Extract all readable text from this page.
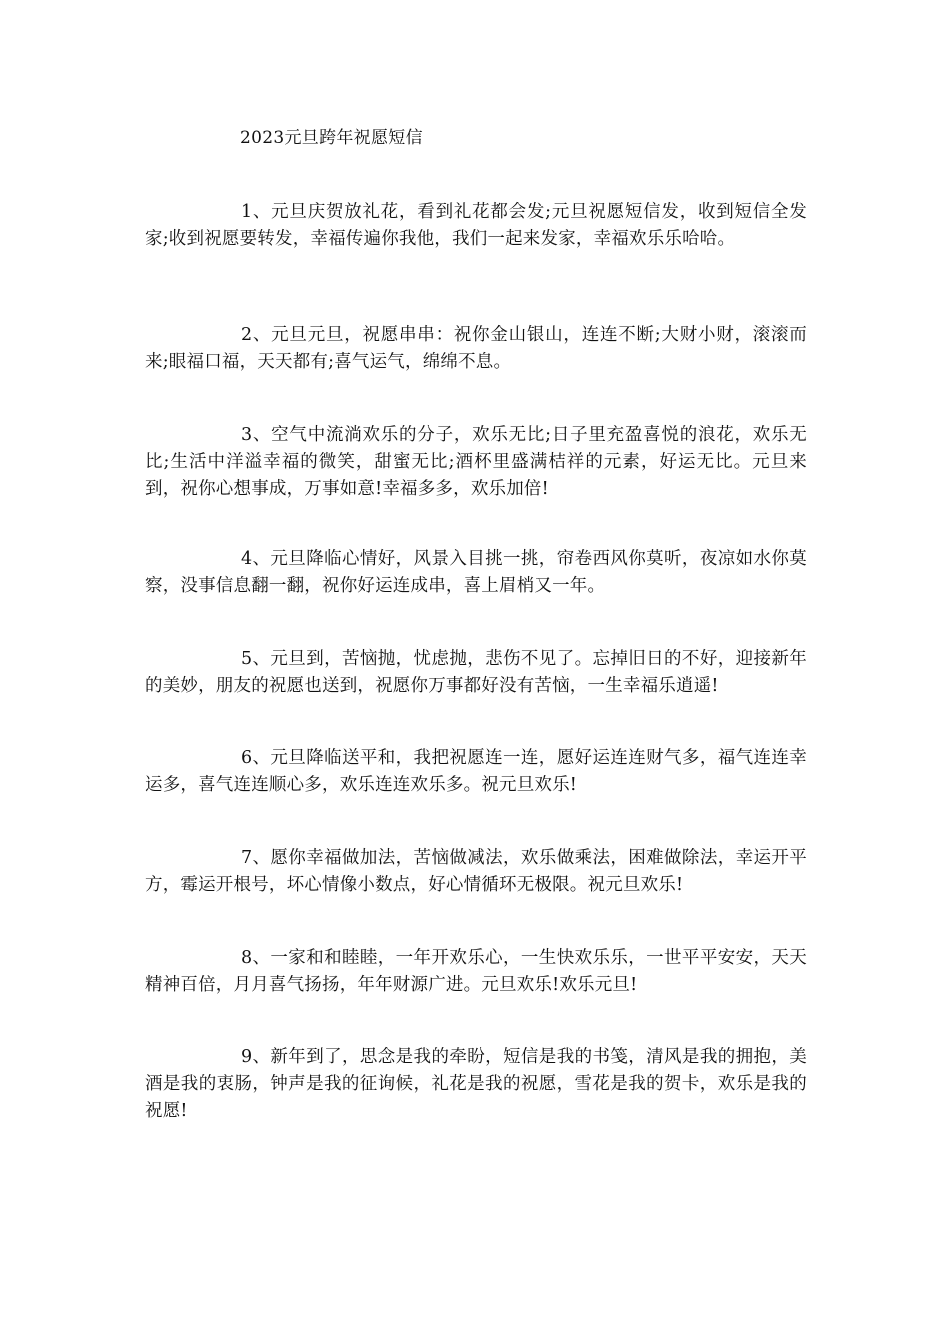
2023元旦跨年祝愿短信

1、元旦庆贺放礼花，看到礼花都会发;元旦祝愿短信发，收到短信全发家;收到祝愿要转发，幸福传遍你我他，我们一起来发家，幸福欢乐乐哈哈。

2、元旦元旦，祝愿串串：祝你金山银山，连连不断;大财小财，滚滚而来;眼福口福，天天都有;喜气运气，绵绵不息。

3、空气中流淌欢乐的分子，欢乐无比;日子里充盈喜悦的浪花，欢乐无比;生活中洋溢幸福的微笑，甜蜜无比;酒杯里盛满桔祥的元素，好运无比。元旦来到，祝你心想事成，万事如意!幸福多多，欢乐加倍!

4、元旦降临心情好，风景入目挑一挑，帘卷西风你莫听，夜凉如水你莫察，没事信息翻一翻，祝你好运连成串，喜上眉梢又一年。

5、元旦到，苦恼抛，忧虑抛，悲伤不见了。忘掉旧日的不好，迎接新年的美妙，朋友的祝愿也送到，祝愿你万事都好没有苦恼，一生幸福乐逍遥!

6、元旦降临送平和，我把祝愿连一连，愿好运连连财气多，福气连连幸运多，喜气连连顺心多，欢乐连连欢乐多。祝元旦欢乐!

7、愿你幸福做加法，苦恼做减法，欢乐做乘法，困难做除法，幸运开平方，霉运开根号，坏心情像小数点，好心情循环无极限。祝元旦欢乐!

8、一家和和睦睦，一年开欢乐心，一生快欢乐乐，一世平平安安，天天精神百倍，月月喜气扬扬，年年财源广进。元旦欢乐!欢乐元旦!

9、新年到了，思念是我的牵盼，短信是我的书笺，清风是我的拥抱，美酒是我的衷肠，钟声是我的征询候，礼花是我的祝愿，雪花是我的贺卡，欢乐是我的祝愿!
